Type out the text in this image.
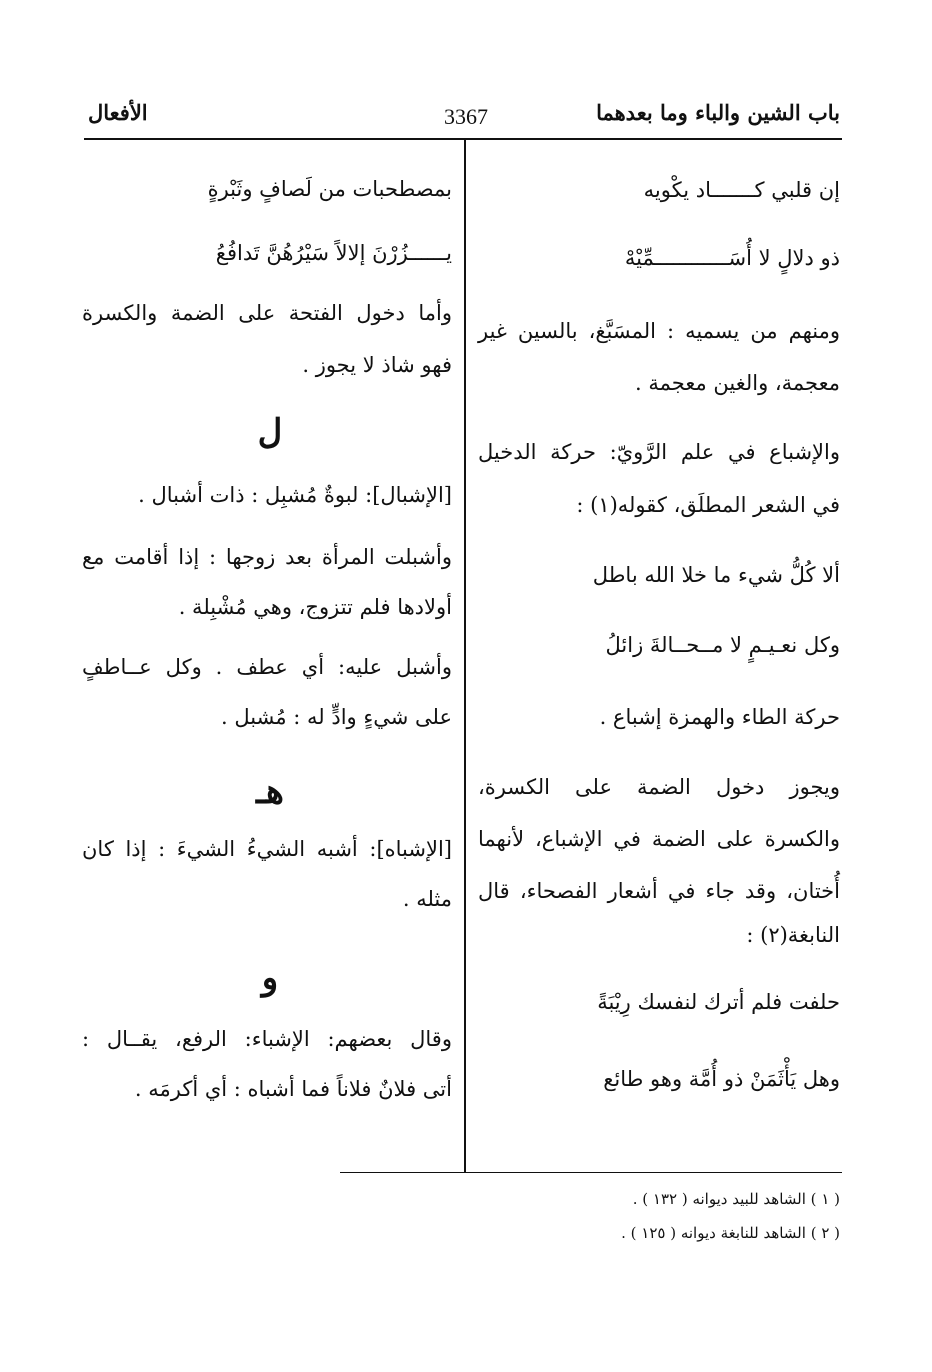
باب الشين والباء وما بعدهما
3367
الأفعال
إن قلبي كـــــــاد يكْويه
ذو دلالٍ لا أُسَــــــــــــمِّيْهْ
ومنهم من يسميه : المسَبَّغ، بالسين غير
معجمة، والغين معجمة .
والإشباع في علم الرَّويّ: حركة الدخيل
في الشعر المطلَق، كقوله(١) :
ألا كُلُّ شيء ما خلا الله باطل
وكل نعـيـمٍ لا مــحــالةَ زائلُ
حركة الطاء والهمزة إشباع .
ويجوز دخول الضمة على الكسرة،
والكسرة على الضمة في الإشباع، لأنهما
أُختان، وقد جاء في أشعار الفصحاء، قال
النابغة(٢) :
حلفت فلم أترك لنفسك رِيْبَةً
وهل يَأْثَمَنْ ذو أُمَّة وهو طائع
بمصطحبات من لَصافٍ وثَبْرةٍ
يــــــزُرْنَ إلالاً سَيْرُهُنَّ تَدافُعُ
وأما دخول الفتحة على الضمة والكسرة
فهو شاذ لا يجوز .
ل
[الإشبال]: لبوةٌ مُشبِل : ذات أشبال .
وأشبلت المرأة بعد زوجها : إذا أقامت مع
أولادها فلم تتزوج، وهي مُشْبِلة .
وأشبل عليه: أي عطف . وكل عــاطفٍ
على شيءٍ وادٍّ له : مُشبل .
هـ
[الإشباه]: أشبه الشيءُ الشيءَ : إذا كان
مثله .
و
وقال بعضهم: الإشباء: الرفع، يقــال :
أتى فلانٌ فلاناً فما أشباه : أي أكرمَه .
( ١ ) الشاهد للبيد ديوانه ( ١٣٢ ) .
( ٢ ) الشاهد للنابغة ديوانه ( ١٢٥ ) .
